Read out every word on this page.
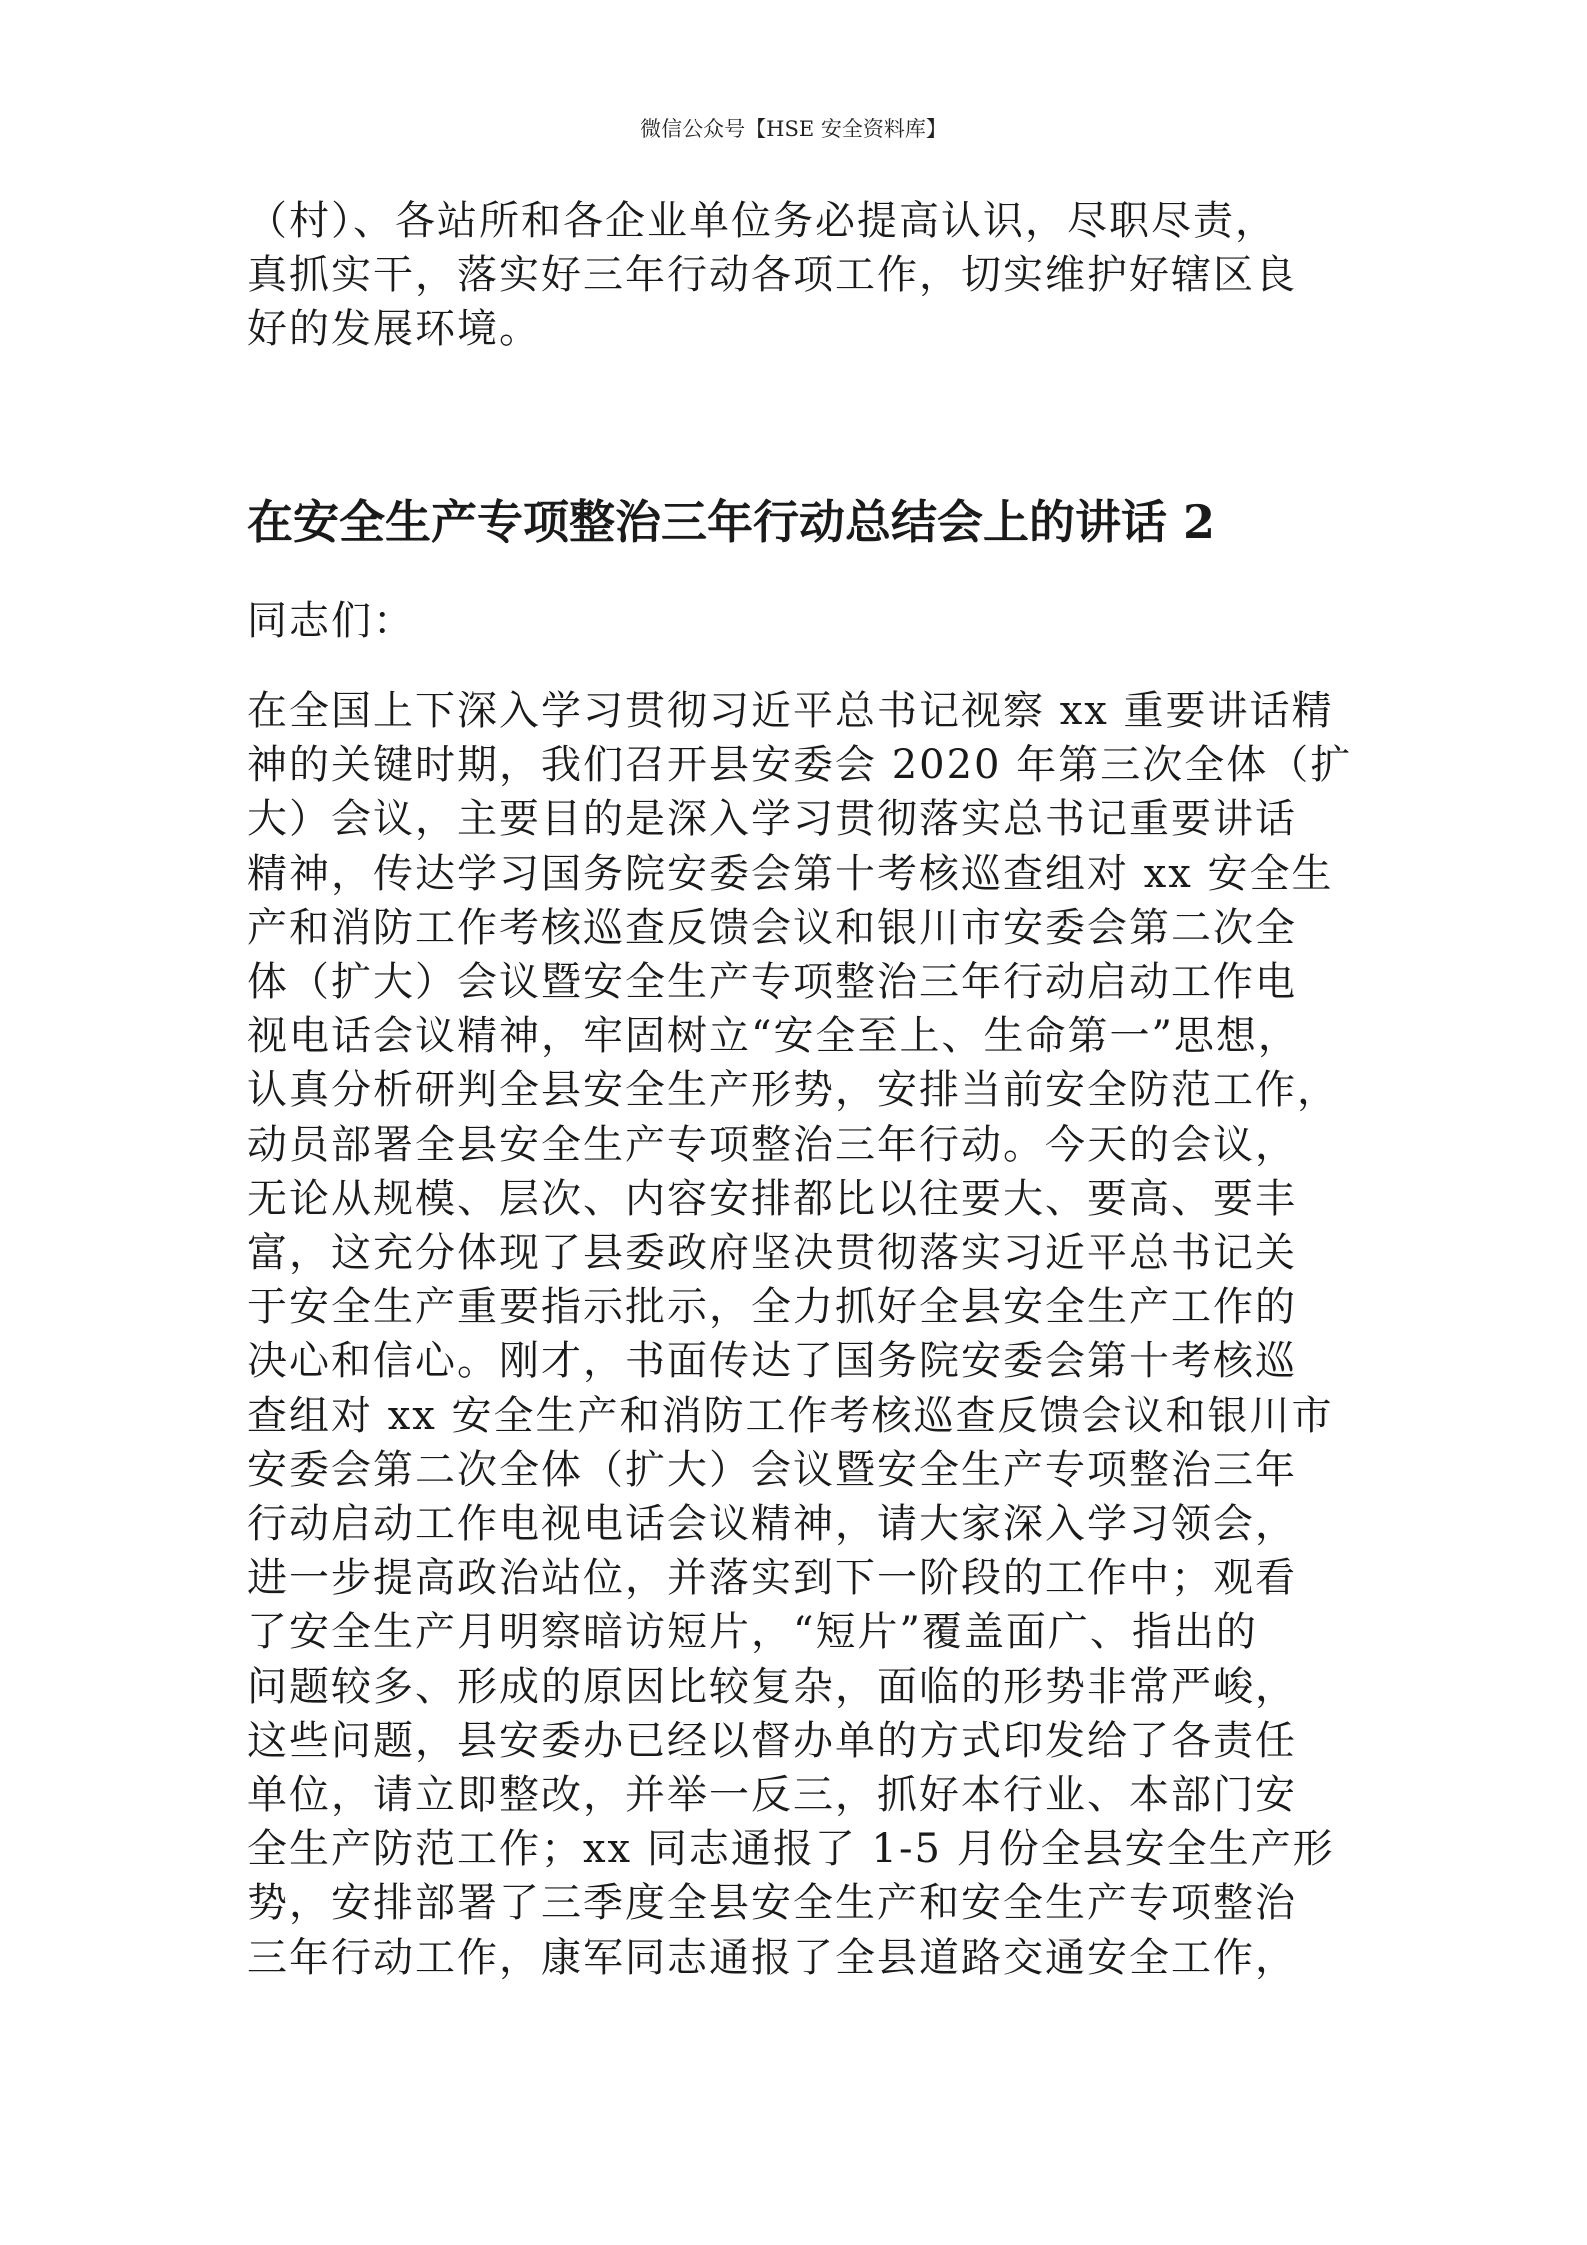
微信公众号【HSE 安全资料库】
（村）、各站所和各企业单位务必提高认识，尽职尽责，
真抓实干，落实好三年行动各项工作，切实维护好辖区良
好的发展环境。
在安全生产专项整治三年行动总结会上的讲话 2

同志们：

在全国上下深入学习贯彻习近平总书记视察 xx 重要讲话精
神的关键时期，我们召开县安委会 2020 年第三次全体（扩
大）会议，主要目的是深入学习贯彻落实总书记重要讲话
精神，传达学习国务院安委会第十考核巡查组对 xx 安全生
产和消防工作考核巡查反馈会议和银川市安委会第二次全
体（扩大）会议暨安全生产专项整治三年行动启动工作电
视电话会议精神，牢固树立“安全至上、生命第一”思想，
认真分析研判全县安全生产形势，安排当前安全防范工作，
动员部署全县安全生产专项整治三年行动。今天的会议，
无论从规模、层次、内容安排都比以往要大、要高、要丰
富，这充分体现了县委政府坚决贯彻落实习近平总书记关
于安全生产重要指示批示，全力抓好全县安全生产工作的
决心和信心。刚才，书面传达了国务院安委会第十考核巡
查组对 xx 安全生产和消防工作考核巡查反馈会议和银川市
安委会第二次全体（扩大）会议暨安全生产专项整治三年
行动启动工作电视电话会议精神，请大家深入学习领会，
进一步提高政治站位，并落实到下一阶段的工作中；观看
了安全生产月明察暗访短片，“短片”覆盖面广、指出的
问题较多、形成的原因比较复杂，面临的形势非常严峻，
这些问题，县安委办已经以督办单的方式印发给了各责任
单位，请立即整改，并举一反三，抓好本行业、本部门安
全生产防范工作；xx 同志通报了 1-5 月份全县安全生产形
势，安排部署了三季度全县安全生产和安全生产专项整治
三年行动工作，康军同志通报了全县道路交通安全工作，
